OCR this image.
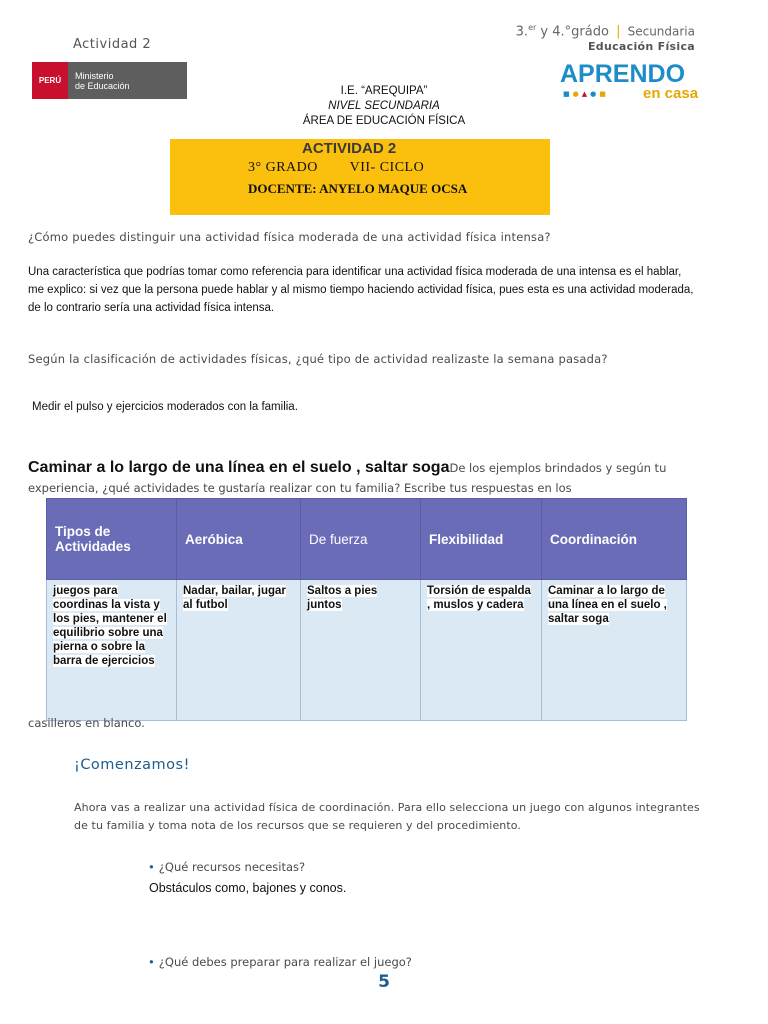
Actividad 2
PERÚ	Ministerio
de Educación
3.$^{er}$ y 4.°grádo | Secundaria
Educación Física
APRENDO
■●▲●■ en casa
I.E. “AREQUIPA”
NIVEL SECUNDARIA
ÁREA DE EDUCACIÓN FÍSICA
ACTIVIDAD 2
3° GRADO        VII- CICLO
DOCENTE: ANYELO MAQUE OCSA
¿Cómo puedes distinguir una actividad física moderada de una actividad física intensa?
Una característica que podrías tomar como referencia para identificar una actividad física moderada de una intensa es el hablar, me explico: si vez que la persona puede hablar y al mismo tiempo haciendo actividad física, pues esta es una actividad moderada, de lo contrario sería una actividad física intensa.
Según la clasificación de actividades físicas, ¿qué tipo de actividad realizaste la semana pasada?
Medir el pulso y ejercicios moderados con la familia.
Caminar a lo largo de una línea en el suelo , saltar sogaDe los ejemplos brindados y según tu experiencia, ¿qué actividades te gustaría realizar con tu familia? Escribe tus respuestas en los
Tipos de Actividades	Aeróbica	De fuerza	Flexibilidad	Coordinación
juegos para coordinas la vista y los pies, mantener el equilibrio sobre una pierna o sobre la barra de ejercicios	Nadar, bailar, jugar al futbol	Saltos a pies juntos	Torsión de espalda , muslos y cadera	Caminar a lo largo de una línea en el suelo , saltar soga
casilleros en blanco.
¡Comenzamos!
Ahora vas a realizar una actividad física de coordinación. Para ello selecciona un juego con algunos integrantes de tu familia y toma nota de los recursos que se requieren y del procedimiento.
• ¿Qué recursos necesitas?
Obstáculos como, bajones y conos.
• ¿Qué debes preparar para realizar el juego?
5
